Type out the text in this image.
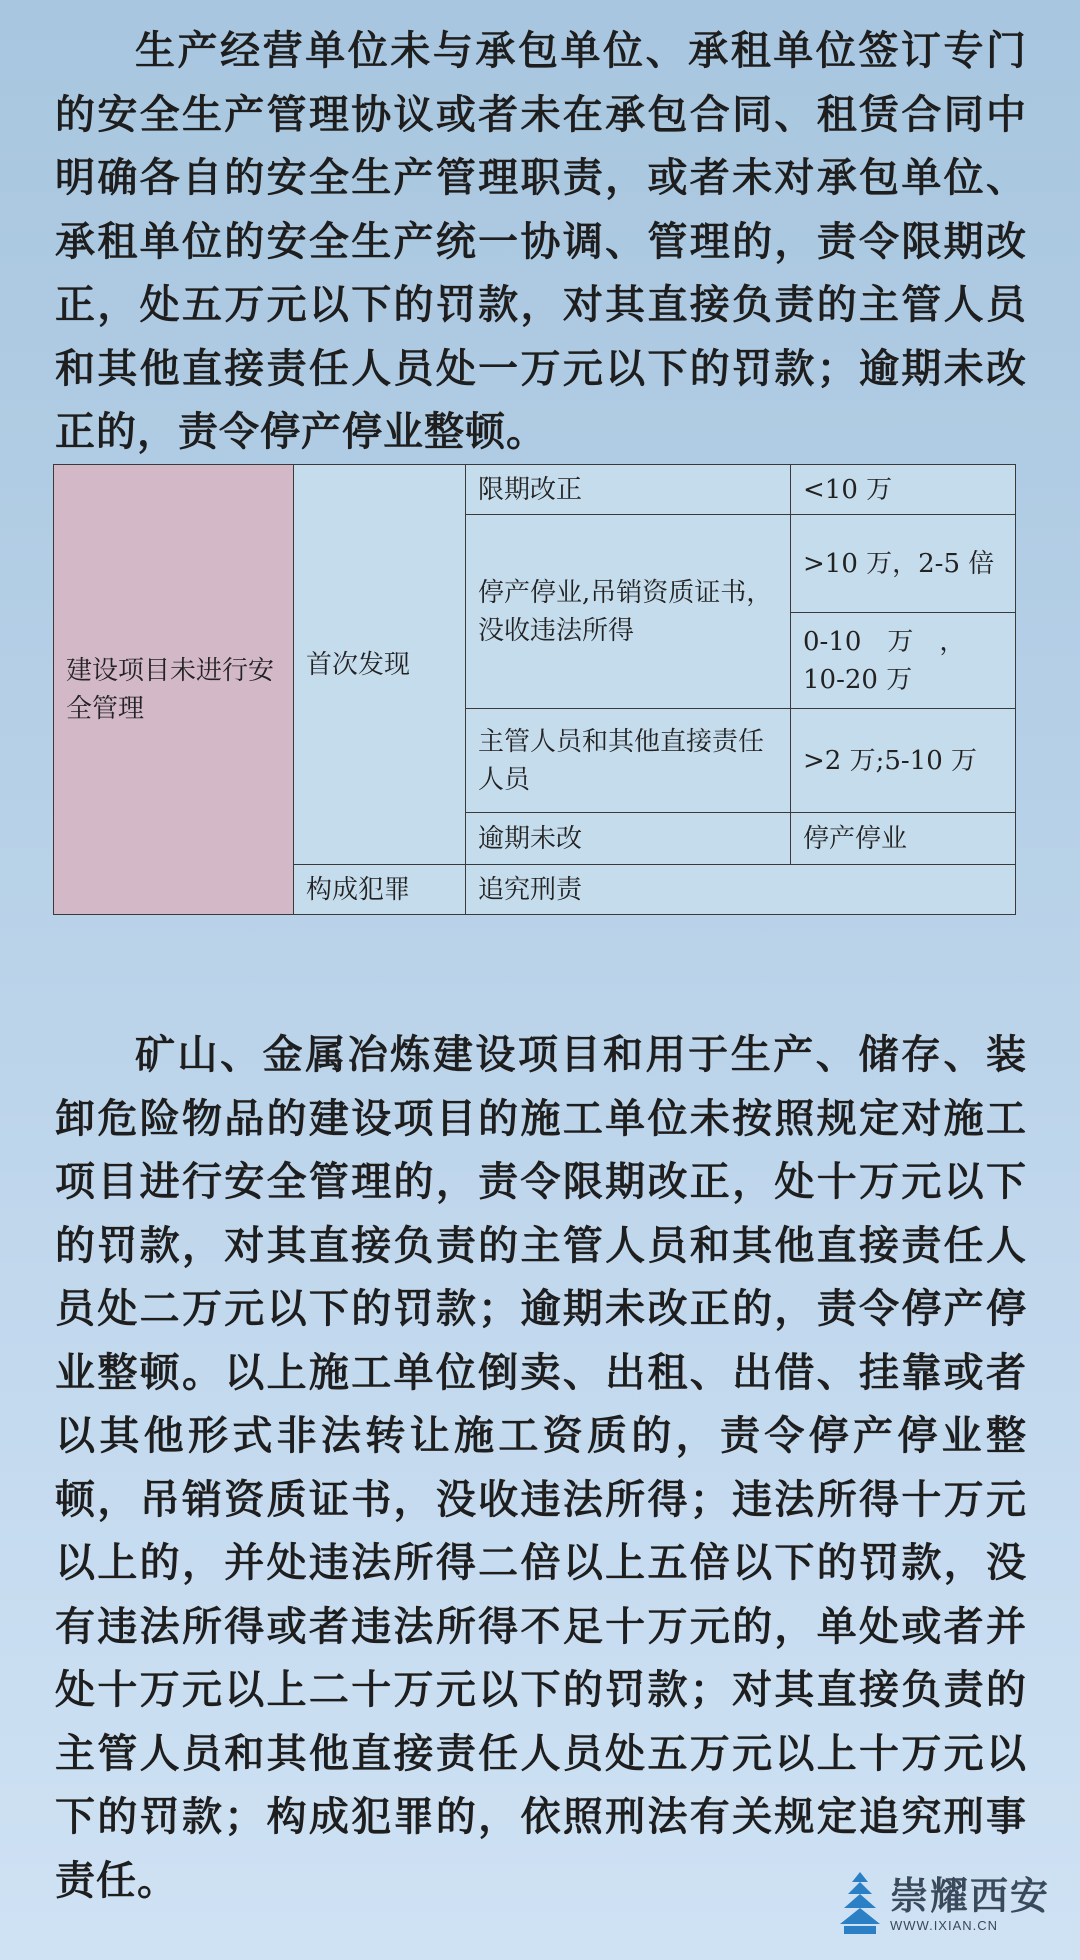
生产经营单位未与承包单位、承租单位签订专门的安全生产管理协议或者未在承包合同、租赁合同中明确各自的安全生产管理职责，或者未对承包单位、承租单位的安全生产统一协调、管理的，责令限期改正，处五万元以下的罚款，对其直接负责的主管人员和其他直接责任人员处一万元以下的罚款；逾期未改正的，责令停产停业整顿。

建设项目未进行安全管理	首次发现	限期改正	<10 万
		停产停业,吊销资质证书，没收违法所得	>10 万，2-5 倍
			0-10　万　，10-20 万
		主管人员和其他直接责任人员	>2 万;5-10 万
		逾期未改	停产停业
	构成犯罪	追究刑责	

矿山、金属冶炼建设项目和用于生产、储存、装卸危险物品的建设项目的施工单位未按照规定对施工项目进行安全管理的，责令限期改正，处十万元以下的罚款，对其直接负责的主管人员和其他直接责任人员处二万元以下的罚款；逾期未改正的，责令停产停业整顿。以上施工单位倒卖、出租、出借、挂靠或者以其他形式非法转让施工资质的，责令停产停业整顿，吊销资质证书，没收违法所得；违法所得十万元以上的，并处违法所得二倍以上五倍以下的罚款，没有违法所得或者违法所得不足十万元的，单处或者并处十万元以上二十万元以下的罚款；对其直接负责的主管人员和其他直接责任人员处五万元以上十万元以下的罚款；构成犯罪的，依照刑法有关规定追究刑事责任。	崇耀西安
WWW.IXIAN.CN
